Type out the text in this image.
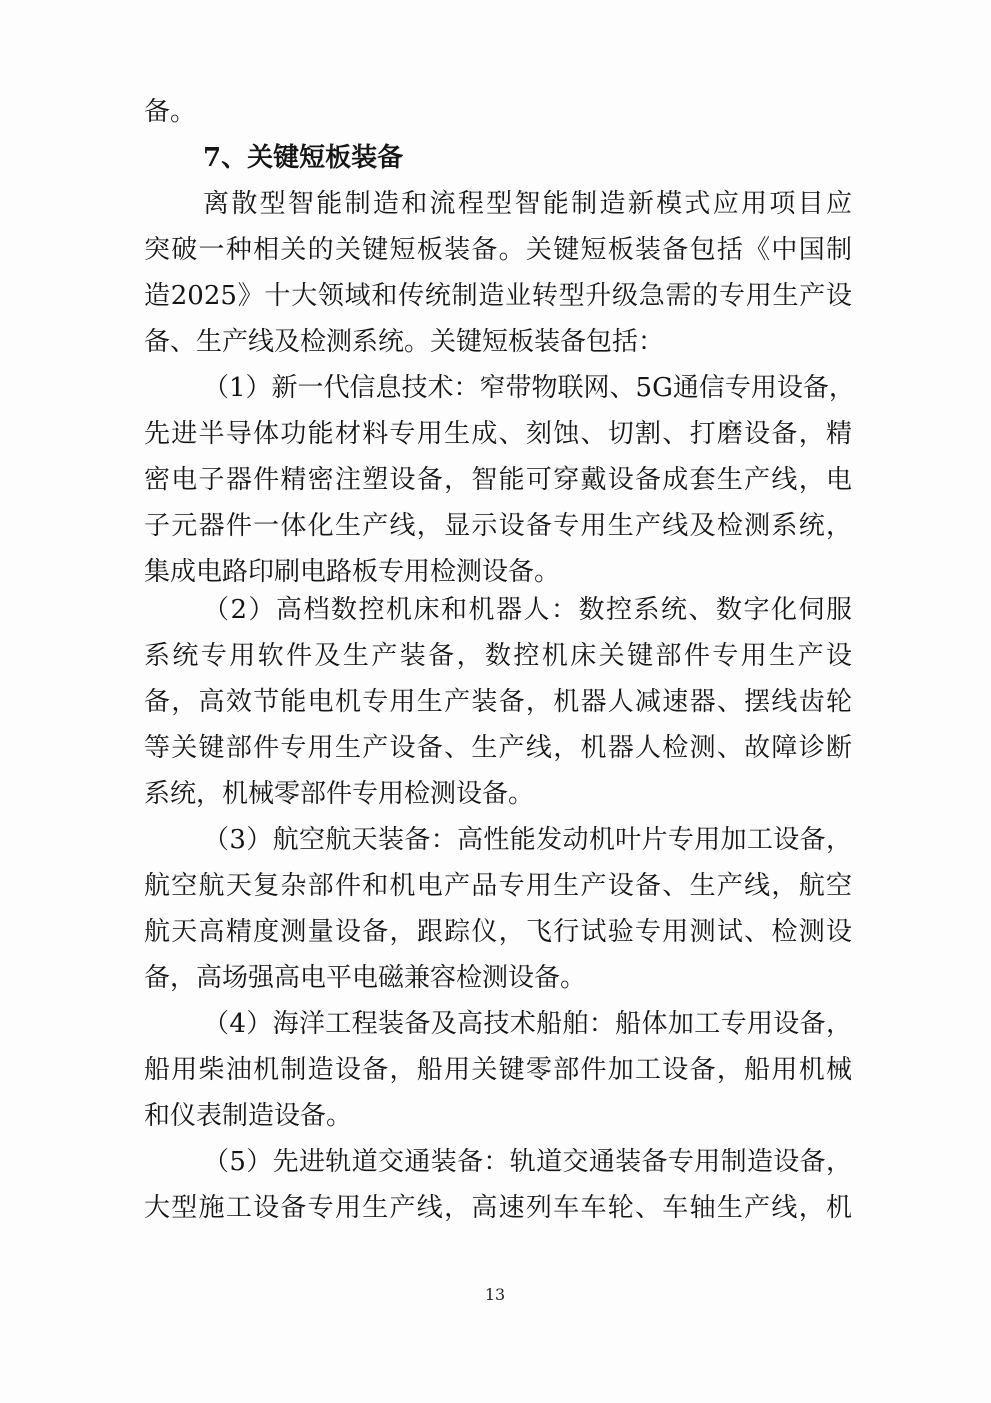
备。
7、关键短板装备
离散型智能制造和流程型智能制造新模式应用项目应
突破一种相关的关键短板装备。关键短板装备包括《中国制
造2025》十大领域和传统制造业转型升级急需的专用生产设
备、生产线及检测系统。关键短板装备包括：
（1）新一代信息技术：窄带物联网、5G通信专用设备，
先进半导体功能材料专用生成、刻蚀、切割、打磨设备，精
密电子器件精密注塑设备，智能可穿戴设备成套生产线，电
子元器件一体化生产线，显示设备专用生产线及检测系统，
集成电路印刷电路板专用检测设备。
（2）高档数控机床和机器人：数控系统、数字化伺服
系统专用软件及生产装备，数控机床关键部件专用生产设
备，高效节能电机专用生产装备，机器人减速器、摆线齿轮
等关键部件专用生产设备、生产线，机器人检测、故障诊断
系统，机械零部件专用检测设备。
（3）航空航天装备：高性能发动机叶片专用加工设备，
航空航天复杂部件和机电产品专用生产设备、生产线，航空
航天高精度测量设备，跟踪仪，飞行试验专用测试、检测设
备，高场强高电平电磁兼容检测设备。
（4）海洋工程装备及高技术船舶：船体加工专用设备，
船用柴油机制造设备，船用关键零部件加工设备，船用机械
和仪表制造设备。
（5）先进轨道交通装备：轨道交通装备专用制造设备，
大型施工设备专用生产线，高速列车车轮、车轴生产线，机
13
